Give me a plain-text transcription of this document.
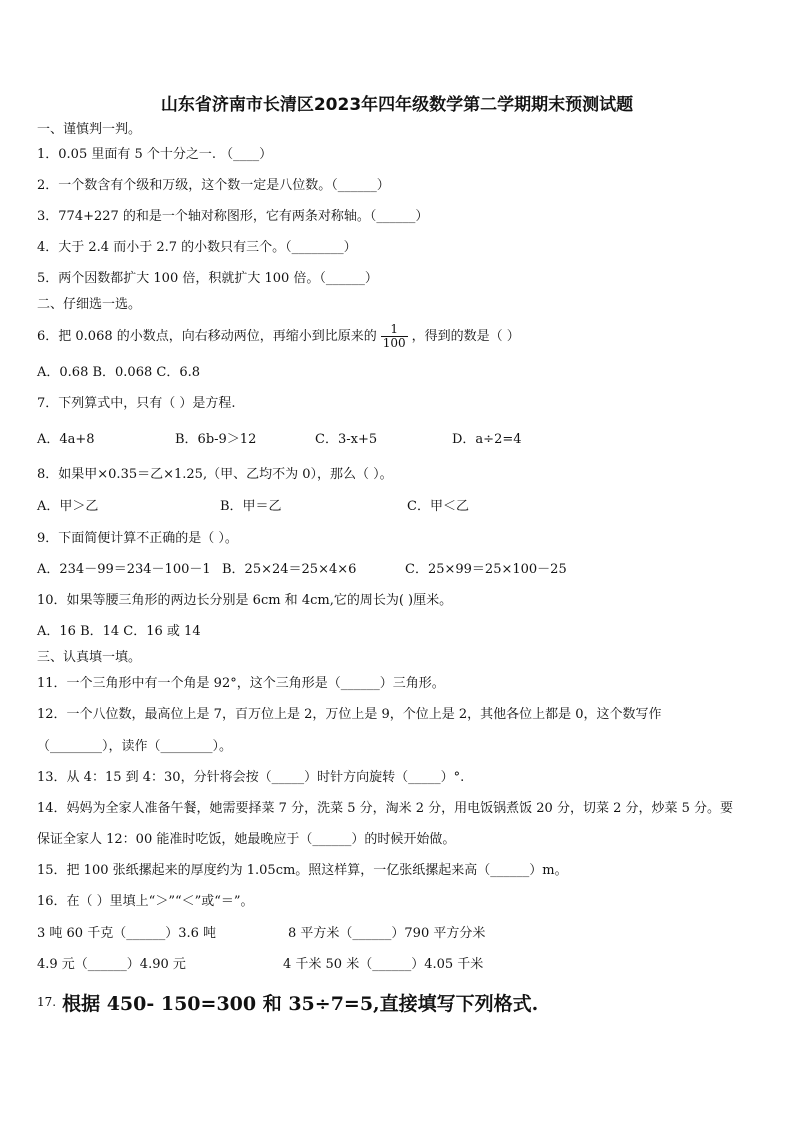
山东省济南市长清区2023年四年级数学第二学期期末预测试题
一、谨慎判一判。
1．0.05 里面有 5 个十分之一. （____）
2．一个数含有个级和万级，这个数一定是八位数。（______）
3．774+227 的和是一个轴对称图形，它有两条对称轴。（______）
4．大于 2.4 而小于 2.7 的小数只有三个。（________）
5．两个因数都扩大 100 倍，积就扩大 100 倍。（______）
二、仔细选一选。
6．把 0.068 的小数点，向右移动两位，再缩小到比原来的 $\frac{1}{100}$ ，得到的数是（ ）
A．0.68 B．0.068 C．6.8
7．下列算式中，只有（ ）是方程.
A．4a+8	B．6b-9＞12	C．3-x+5	D．a÷2=4
8．如果甲×0.35＝乙×1.25,（甲、乙均不为 0），那么（ ）。
A．甲＞乙	B．甲＝乙	C．甲＜乙
9．下面简便计算不正确的是（ ）。
A．234－99＝234－100－1 B．25×24＝25×4×6	C．25×99＝25×100－25
10．如果等腰三角形的两边长分别是 6cm 和 4cm,它的周长为( )厘米。
A．16 B．14 C．16 或 14
三、认真填一填。
11．一个三角形中有一个角是 92°，这个三角形是（______）三角形。
12．一个八位数，最高位上是 7，百万位上是 2，万位上是 9，个位上是 2，其他各位上都是 0，这个数写作
（________），读作（________）。
13．从 4：15 到 4：30，分针将会按（_____）时针方向旋转（_____）°.
14．妈妈为全家人准备午餐，她需要择菜 7 分，洗菜 5 分，淘米 2 分，用电饭锅煮饭 20 分，切菜 2 分，炒菜 5 分。要
保证全家人 12：00 能准时吃饭，她最晚应于（______）的时候开始做。
15．把 100 张纸摞起来的厚度约为 1.05cm。照这样算，一亿张纸摞起来高（______）m。
16．在（ ）里填上“＞”“＜”或“＝”。
3 吨 60 千克（______）3.6 吨	8 平方米（______）790 平方分米
4.9 元（______）4.90 元	4 千米 50 米（______）4.05 千米
$^{17.}$ 根据 450- 150=300 和 35÷7=5,直接填写下列格式.
